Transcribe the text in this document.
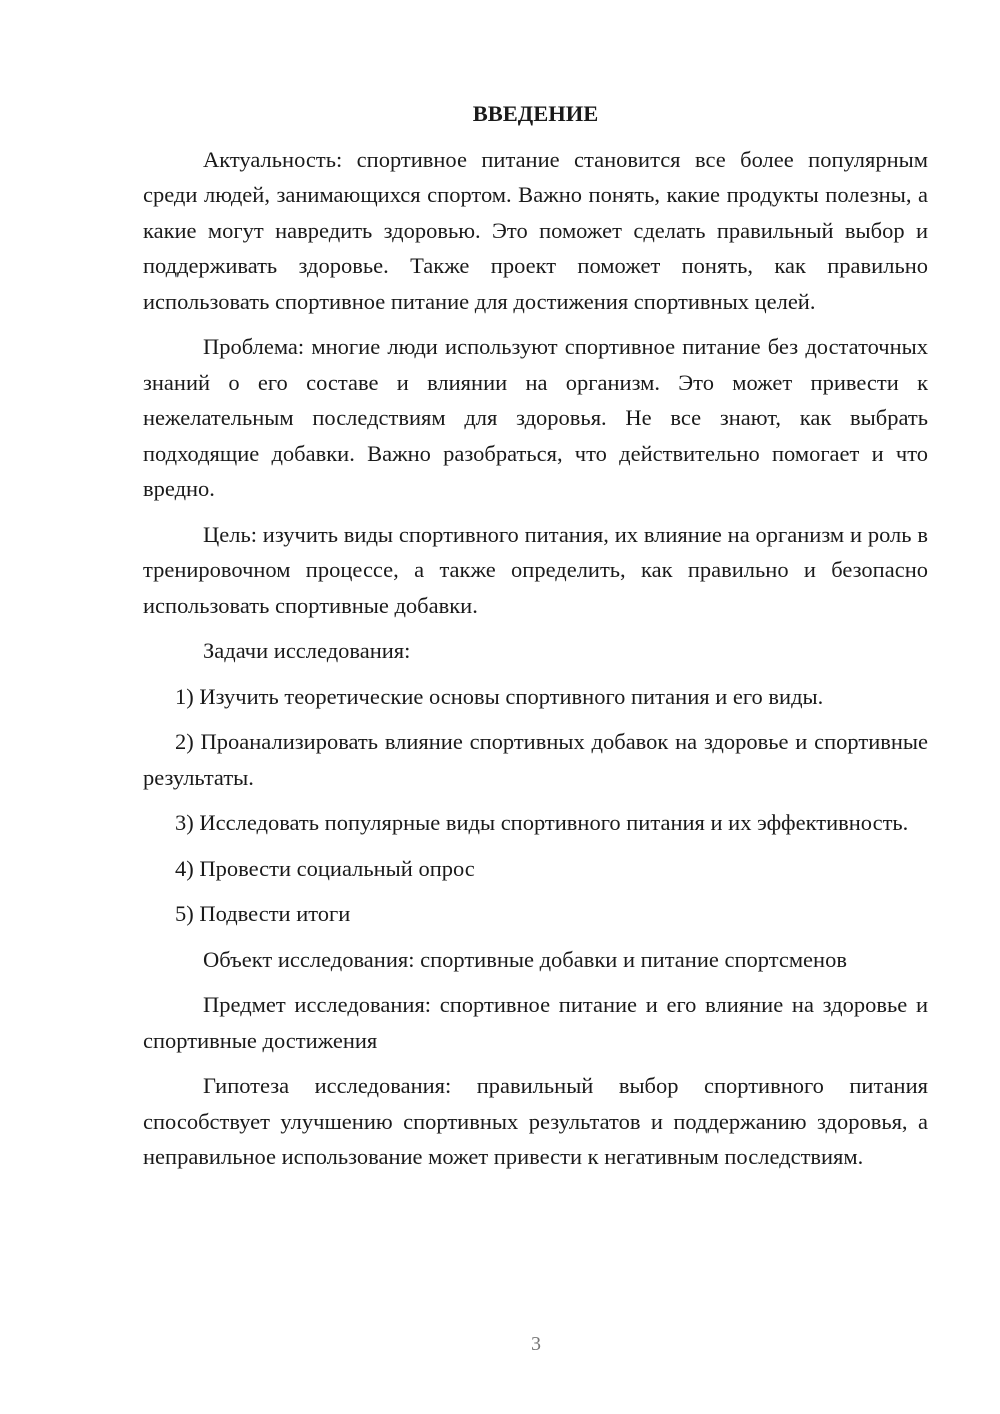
ВВЕДЕНИЕ

Актуальность: спортивное питание становится все более популярным среди людей, занимающихся спортом. Важно понять, какие продукты полезны, а какие могут навредить здоровью. Это поможет сделать правильный выбор и поддерживать здоровье. Также проект поможет понять, как правильно использовать спортивное питание для достижения спортивных целей.

Проблема: многие люди используют спортивное питание без достаточных знаний о его составе и влиянии на организм. Это может привести к нежелательным последствиям для здоровья. Не все знают, как выбрать подходящие добавки. Важно разобраться, что действительно помогает и что вредно.

Цель: изучить виды спортивного питания, их влияние на организм и роль в тренировочном процессе, а также определить, как правильно и безопасно использовать спортивные добавки.

Задачи исследования:

1) Изучить теоретические основы спортивного питания и его виды.

2) Проанализировать влияние спортивных добавок на здоровье и спортивные результаты.

3) Исследовать популярные виды спортивного питания и их эффективность.

4) Провести социальный опрос

5) Подвести итоги

Объект исследования: спортивные добавки и питание спортсменов

Предмет исследования: спортивное питание и его влияние на здоровье и спортивные достижения

Гипотеза исследования: правильный выбор спортивного питания способствует улучшению спортивных результатов и поддержанию здоровья, а неправильное использование может привести к негативным последствиям.

3
